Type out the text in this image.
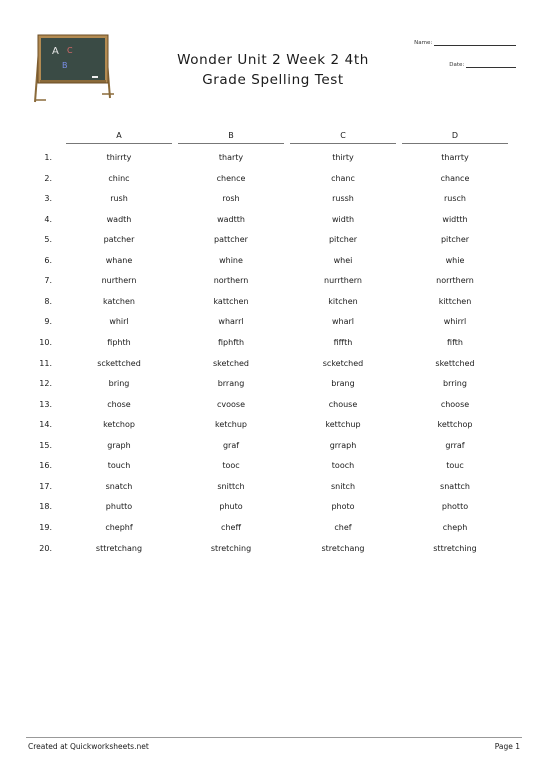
A C
B	Wonder Unit 2 Week 2 4th
Grade Spelling Test
Name:
Date:
A	B	C	D
1.	thirrty	tharty	thirty	tharrty
2.	chinc	chence	chanc	chance
3.	rush	rosh	russh	rusch
4.	wadth	wadtth	width	widtth
5.	patcher	pattcher	pitcher	pitcher
6.	whane	whine	whei	whie
7.	nurthern	northern	nurrthern	norrthern
8.	katchen	kattchen	kitchen	kittchen
9.	whirl	wharrl	wharl	whirrl
10.	fiphth	fiphfth	fiffth	fifth
11.	sckettched	sketched	scketched	skettched
12.	bring	brrang	brang	brring
13.	chose	cvoose	chouse	choose
14.	ketchop	ketchup	kettchup	kettchop
15.	graph	graf	grraph	grraf
16.	touch	tooc	tooch	touc
17.	snatch	snittch	snitch	snattch
18.	phutto	phuto	photo	photto
19.	chephf	cheff	chef	cheph
20.	sttretchang	stretching	stretchang	sttretching
Created at Quickworksheets.net	Page 1
